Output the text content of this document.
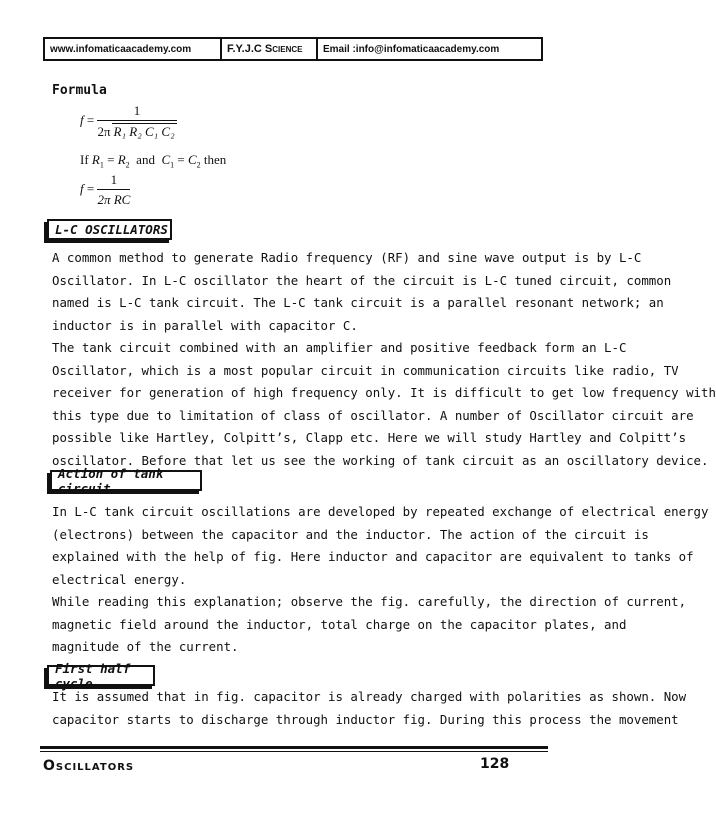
www.infomaticaacademy.com	F.Y.J.C Science	Email :info@infomaticaacademy.com
Formula
$f = \frac{1}{\text{2π R₁ R₂ C₁ C₂}}$
If $R_1 = R_2$ and $C_1 = C_2$ then
$f = \frac{1}{\text{2π RC}}$
L-C OSCILLATORS
A common method to generate Radio frequency (RF) and sine wave output is by L-C
Oscillator. In L-C oscillator the heart of the circuit is L-C tuned circuit, common
named is L-C tank circuit. The L-C tank circuit is a parallel resonant network; an
inductor is in parallel with capacitor C.
The tank circuit combined with an amplifier and positive feedback form an L-C
Oscillator, which is a most popular circuit in communication circuits like radio, TV
receiver for generation of high frequency only. It is difficult to get low frequency with
this type due to limitation of class of oscillator. A number of Oscillator circuit are
possible like Hartley, Colpitt’s, Clapp etc. Here we will study Hartley and Colpitt’s
oscillator. Before that let us see the working of tank circuit as an oscillatory device.
Action of tank circuit
In L-C tank circuit oscillations are developed by repeated exchange of electrical energy
(electrons) between the capacitor and the inductor. The action of the circuit is
explained with the help of fig. Here inductor and capacitor are equivalent to tanks of
electrical energy.
While reading this explanation; observe the fig. carefully, the direction of current,
magnetic field around the inductor, total charge on the capacitor plates, and
magnitude of the current.
First half cycle
It is assumed that in fig. capacitor is already charged with polarities as shown. Now
capacitor starts to discharge through inductor fig. During this process the movement
Oscillators	128
